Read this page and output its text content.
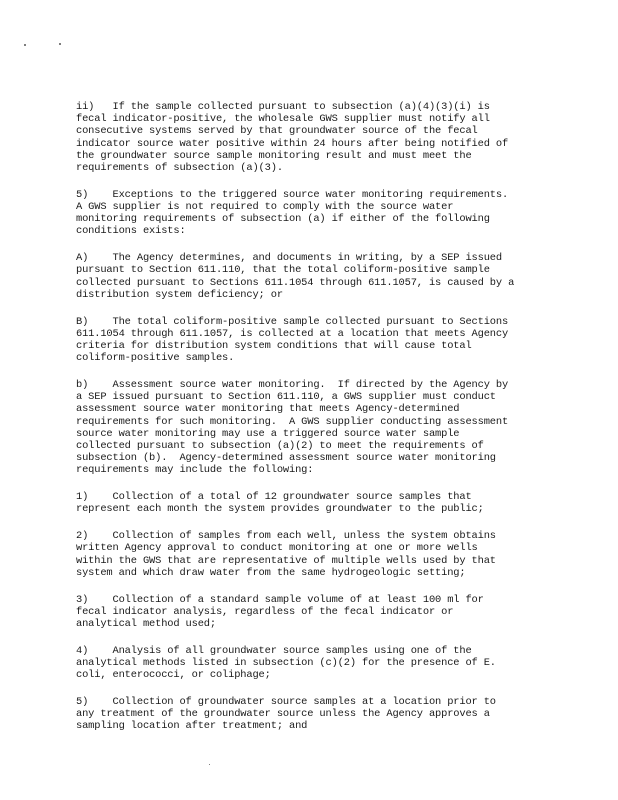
ii)   If the sample collected pursuant to subsection (a)(4)(3)(i) is
fecal indicator-positive, the wholesale GWS supplier must notify all
consecutive systems served by that groundwater source of the fecal
indicator source water positive within 24 hours after being notified of
the groundwater source sample monitoring result and must meet the
requirements of subsection (a)(3).

5)    Exceptions to the triggered source water monitoring requirements.
A GWS supplier is not required to comply with the source water
monitoring requirements of subsection (a) if either of the following
conditions exists:

A)    The Agency determines, and documents in writing, by a SEP issued
pursuant to Section 611.110, that the total coliform-positive sample
collected pursuant to Sections 611.1054 through 611.1057, is caused by a
distribution system deficiency; or

B)    The total coliform-positive sample collected pursuant to Sections
611.1054 through 611.1057, is collected at a location that meets Agency
criteria for distribution system conditions that will cause total
coliform-positive samples.

b)    Assessment source water monitoring.  If directed by the Agency by
a SEP issued pursuant to Section 611.110, a GWS supplier must conduct
assessment source water monitoring that meets Agency-determined
requirements for such monitoring.  A GWS supplier conducting assessment
source water monitoring may use a triggered source water sample
collected pursuant to subsection (a)(2) to meet the requirements of
subsection (b).  Agency-determined assessment source water monitoring
requirements may include the following:

1)    Collection of a total of 12 groundwater source samples that
represent each month the system provides groundwater to the public;

2)    Collection of samples from each well, unless the system obtains
written Agency approval to conduct monitoring at one or more wells
within the GWS that are representative of multiple wells used by that
system and which draw water from the same hydrogeologic setting;

3)    Collection of a standard sample volume of at least 100 ml for
fecal indicator analysis, regardless of the fecal indicator or
analytical method used;

4)    Analysis of all groundwater source samples using one of the
analytical methods listed in subsection (c)(2) for the presence of E.
coli, enterococci, or coliphage;

5)    Collection of groundwater source samples at a location prior to
any treatment of the groundwater source unless the Agency approves a
sampling location after treatment; and
